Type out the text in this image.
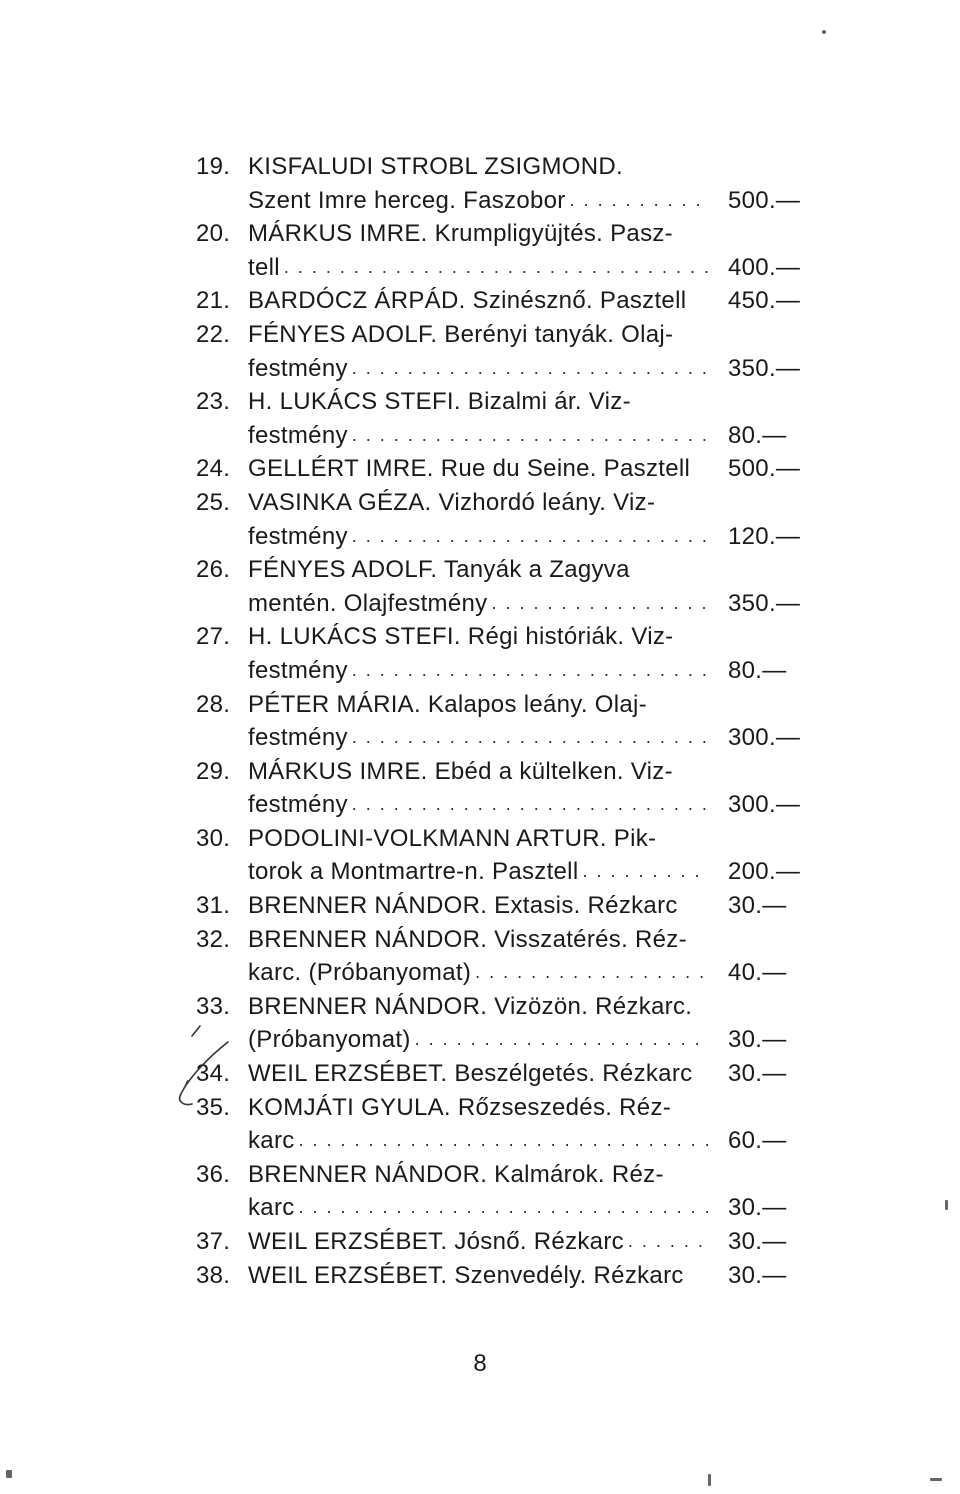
19. KISFALUDI STROBL ZSIGMOND.
Szent Imre herceg. Faszobor . . .	500.—
20. MÁRKUS IMRE. Krumpligyüjtés. Pasz-
tell . . .	400.—
21. BARDÓCZ ÁRPÁD. Szinésznő. Pasztell 450.—
22. FÉNYES ADOLF. Berényi tanyák. Olaj-
festmény . . .	350.—
23. H. LUKÁCS STEFI. Bizalmi ár. Viz-
festmény . . .	80.—
24. GELLÉRT IMRE. Rue du Seine. Pasztell 500.—
25. VASINKA GÉZA. Vizhordó leány. Viz-
festmény . . .	120.—
26. FÉNYES ADOLF. Tanyák a Zagyva
mentén. Olajfestmény . . .	350.—
27. H. LUKÁCS STEFI. Régi históriák. Viz-
festmény . . .	80.—
28. PÉTER MÁRIA. Kalapos leány. Olaj-
festmény . . .	300.—
29. MÁRKUS IMRE. Ebéd a kültelken. Viz-
festmény . . .	300.—
30. PODOLINI-VOLKMANN ARTUR. Pik-
torok a Montmartre-n. Pasztell . . .	200.—
31. BRENNER NÁNDOR. Extasis. Rézkarc 30.—
32. BRENNER NÁNDOR. Visszatérés. Réz-
karc. (Próbanyomat) . . .	40.—
33. BRENNER NÁNDOR. Vizözön. Rézkarc.
(Próbanyomat) . . .	30.—
34. WEIL ERZSÉBET. Beszélgetés. Rézkarc 30.—
35. KOMJÁTI GYULA. Rőzseszedés. Réz-
karc . . .	60.—
36. BRENNER NÁNDOR. Kalmárok. Réz-
karc . . .	30.—
37. WEIL ERZSÉBET. Jósnő. Rézkarc . . .	30.—
38. WEIL ERZSÉBET. Szenvedély. Rézkarc 30.—
8
